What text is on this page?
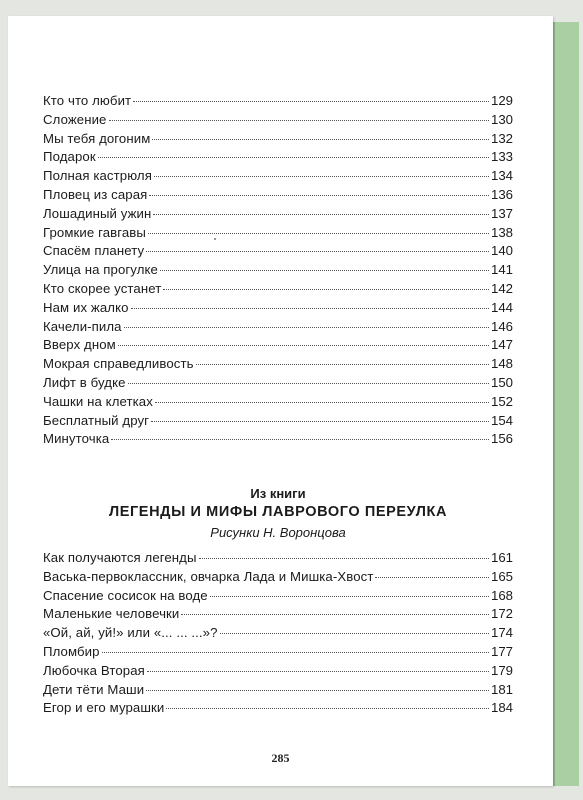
Кто что любит	129
Сложение	130
Мы тебя догоним	132
Подарок	133
Полная кастрюля	134
Пловец из сарая	136
Лошадиный ужин	137
Громкие гавгавы	138
Спасём планету	140
Улица на прогулке	141
Кто скорее устанет	142
Нам их жалко	144
Качели-пила	146
Вверх дном	147
Мокрая справедливость	148
Лифт в будке	150
Чашки на клетках	152
Бесплатный друг	154
Минуточка	156
Из книги
ЛЕГЕНДЫ И МИФЫ ЛАВРОВОГО ПЕРЕУЛКА
Рисунки Н. Воронцова
Как получаются легенды	161
Васька-первоклассник, овчарка Лада и Мишка-Хвост	165
Спасение сосисок на воде	168
Маленькие человечки	172
«Ой, ай, уй!» или «... ... ...»?	174
Пломбир	177
Любочка Вторая	179
Дети тёти Маши	181
Егор и его мурашки	184
285
